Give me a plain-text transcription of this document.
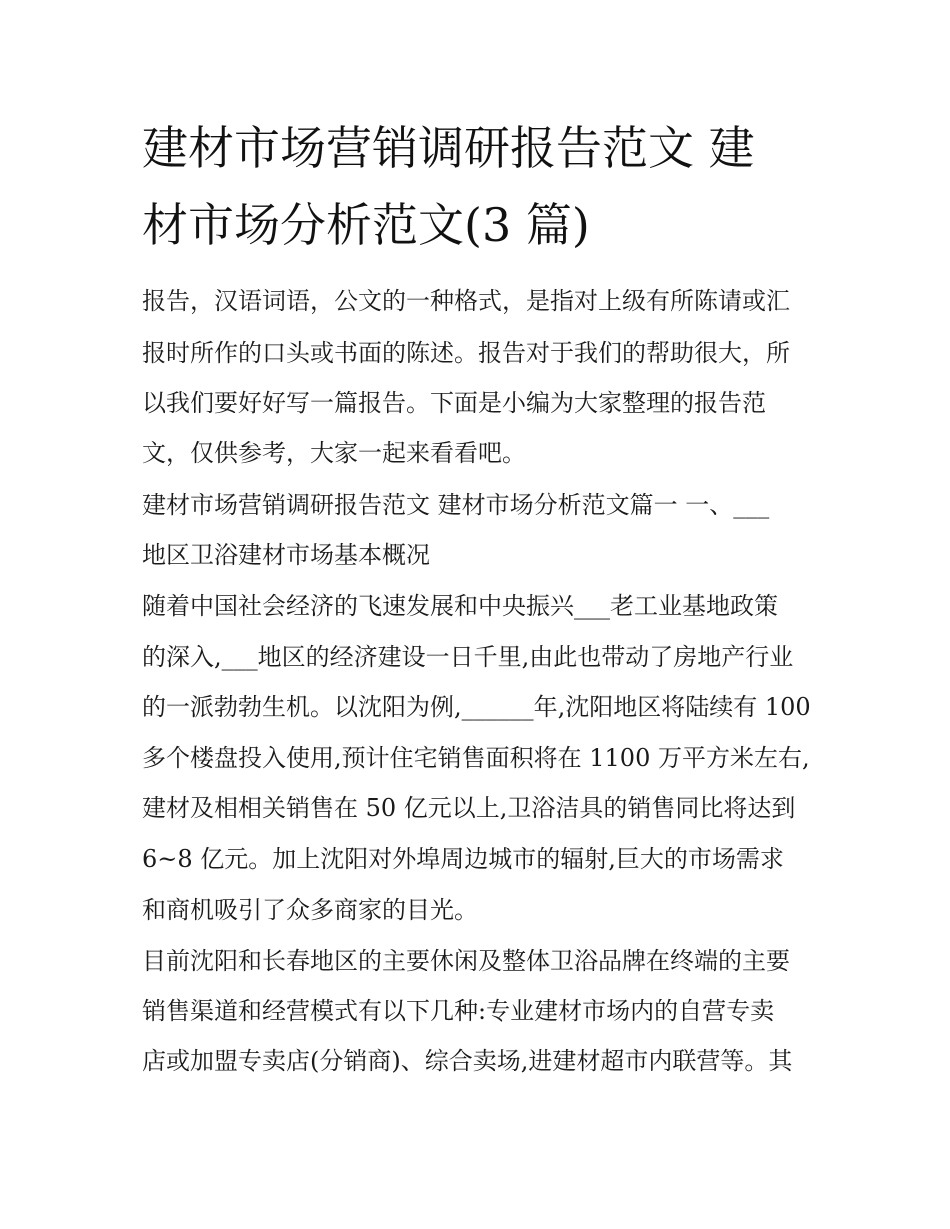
建材市场营销调研报告范文 建
材市场分析范文(3 篇)
报告，汉语词语，公文的一种格式，是指对上级有所陈请或汇
报时所作的口头或书面的陈述。报告对于我们的帮助很大，所
以我们要好好写一篇报告。下面是小编为大家整理的报告范
文，仅供参考，大家一起来看看吧。
建材市场营销调研报告范文 建材市场分析范文篇一 一、___
地区卫浴建材市场基本概况
随着中国社会经济的飞速发展和中央振兴___老工业基地政策
的深入,___地区的经济建设一日千里,由此也带动了房地产行业
的一派勃勃生机。以沈阳为例,______年,沈阳地区将陆续有 100
多个楼盘投入使用,预计住宅销售面积将在 1100 万平方米左右,
建材及相相关销售在 50 亿元以上,卫浴洁具的销售同比将达到
6~8 亿元。加上沈阳对外埠周边城市的辐射,巨大的市场需求
和商机吸引了众多商家的目光。
目前沈阳和长春地区的主要休闲及整体卫浴品牌在终端的主要
销售渠道和经营模式有以下几种:专业建材市场内的自营专卖
店或加盟专卖店(分销商)、综合卖场,进建材超市内联营等。其
